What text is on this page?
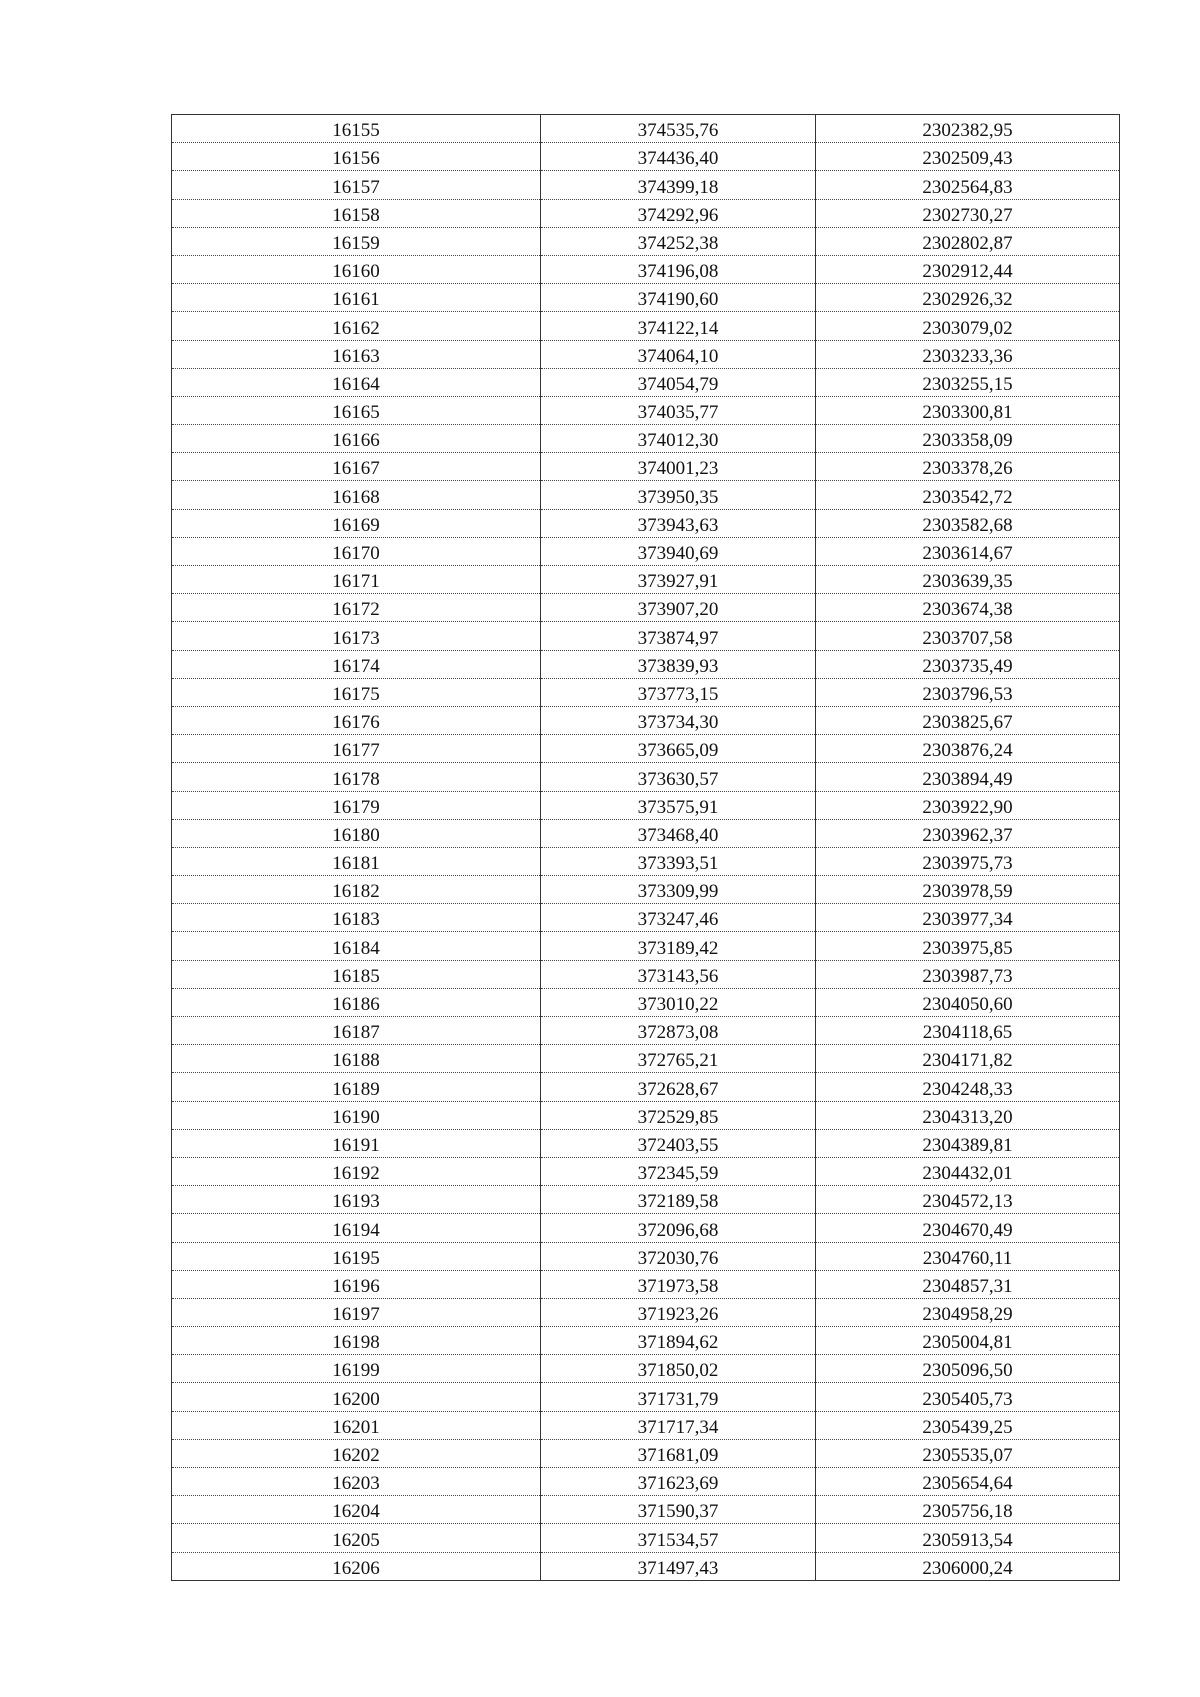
16155	374535,76	2302382,95
16156	374436,40	2302509,43
16157	374399,18	2302564,83
16158	374292,96	2302730,27
16159	374252,38	2302802,87
16160	374196,08	2302912,44
16161	374190,60	2302926,32
16162	374122,14	2303079,02
16163	374064,10	2303233,36
16164	374054,79	2303255,15
16165	374035,77	2303300,81
16166	374012,30	2303358,09
16167	374001,23	2303378,26
16168	373950,35	2303542,72
16169	373943,63	2303582,68
16170	373940,69	2303614,67
16171	373927,91	2303639,35
16172	373907,20	2303674,38
16173	373874,97	2303707,58
16174	373839,93	2303735,49
16175	373773,15	2303796,53
16176	373734,30	2303825,67
16177	373665,09	2303876,24
16178	373630,57	2303894,49
16179	373575,91	2303922,90
16180	373468,40	2303962,37
16181	373393,51	2303975,73
16182	373309,99	2303978,59
16183	373247,46	2303977,34
16184	373189,42	2303975,85
16185	373143,56	2303987,73
16186	373010,22	2304050,60
16187	372873,08	2304118,65
16188	372765,21	2304171,82
16189	372628,67	2304248,33
16190	372529,85	2304313,20
16191	372403,55	2304389,81
16192	372345,59	2304432,01
16193	372189,58	2304572,13
16194	372096,68	2304670,49
16195	372030,76	2304760,11
16196	371973,58	2304857,31
16197	371923,26	2304958,29
16198	371894,62	2305004,81
16199	371850,02	2305096,50
16200	371731,79	2305405,73
16201	371717,34	2305439,25
16202	371681,09	2305535,07
16203	371623,69	2305654,64
16204	371590,37	2305756,18
16205	371534,57	2305913,54
16206	371497,43	2306000,24
